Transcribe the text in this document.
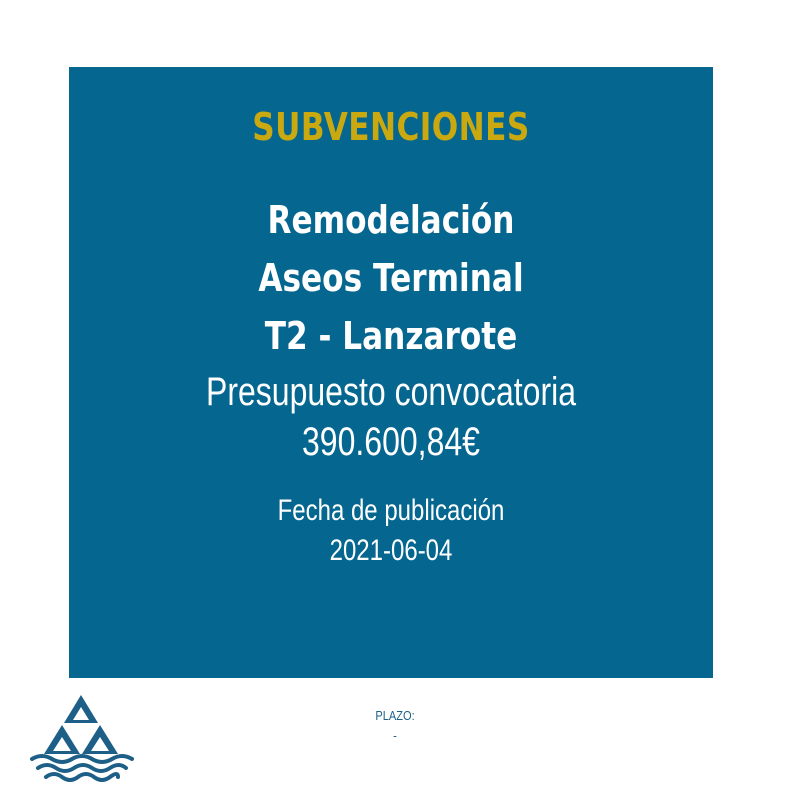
SUBVENCIONES
Remodelación
Aseos Terminal
T2 - Lanzarote
Presupuesto convocatoria
390.600,84€
Fecha de publicación
2021-06-04
PLAZO:
-
